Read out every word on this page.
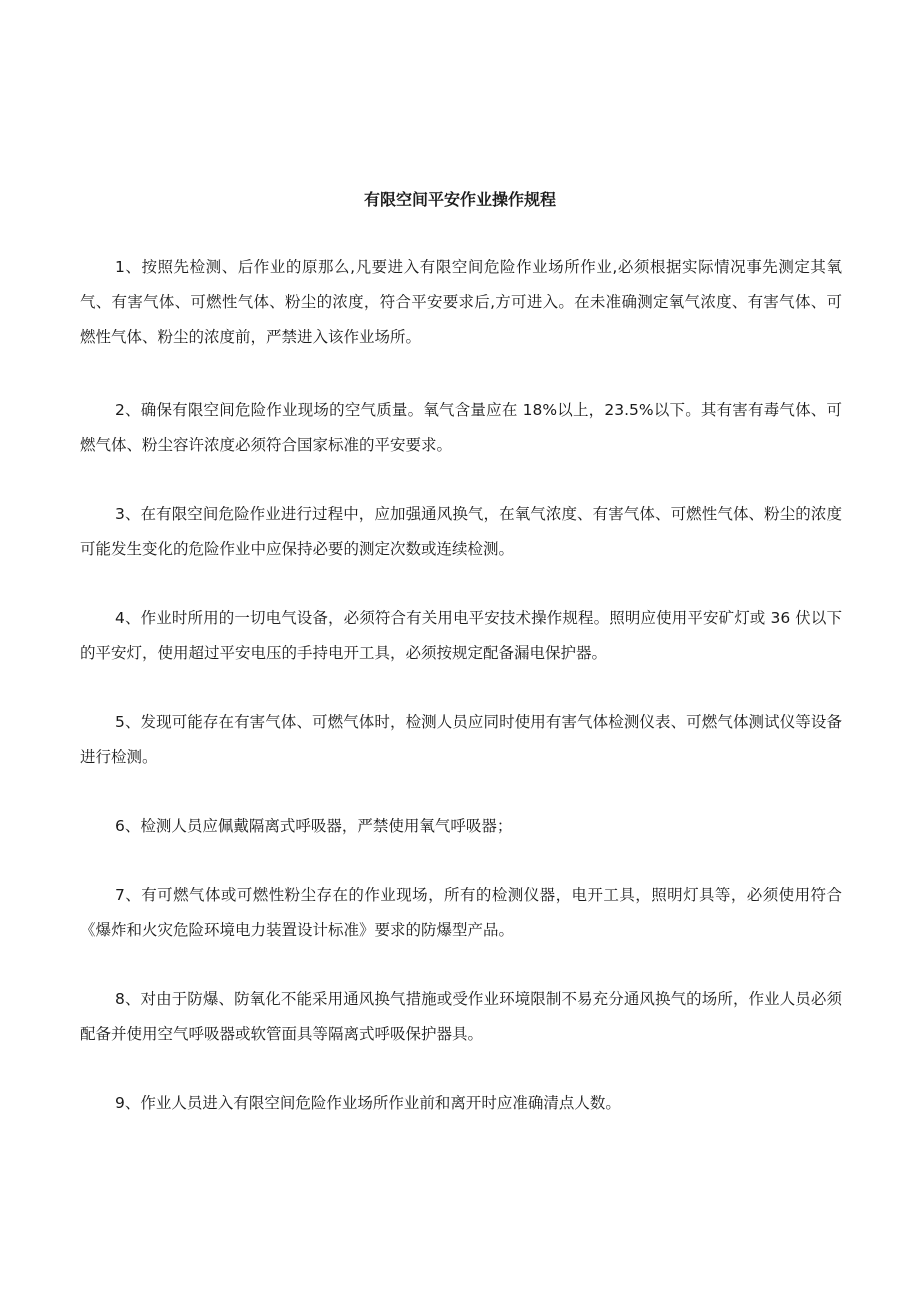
有限空间平安作业操作规程

1、按照先检测、后作业的原那么,凡要进入有限空间危险作业场所作业,必须根据实际情况事先测定其氧气、有害气体、可燃性气体、粉尘的浓度，符合平安要求后,方可进入。在未准确测定氧气浓度、有害气体、可燃性气体、粉尘的浓度前，严禁进入该作业场所。

2、确保有限空间危险作业现场的空气质量。氧气含量应在 18%以上，23.5%以下。其有害有毒气体、可燃气体、粉尘容许浓度必须符合国家标准的平安要求。

3、在有限空间危险作业进行过程中，应加强通风换气，在氧气浓度、有害气体、可燃性气体、粉尘的浓度可能发生变化的危险作业中应保持必要的测定次数或连续检测。

4、作业时所用的一切电气设备，必须符合有关用电平安技术操作规程。照明应使用平安矿灯或 36 伏以下的平安灯，使用超过平安电压的手持电开工具，必须按规定配备漏电保护器。

5、发现可能存在有害气体、可燃气体时，检测人员应同时使用有害气体检测仪表、可燃气体测试仪等设备进行检测。

6、检测人员应佩戴隔离式呼吸器，严禁使用氧气呼吸器；

7、有可燃气体或可燃性粉尘存在的作业现场，所有的检测仪器，电开工具，照明灯具等，必须使用符合《爆炸和火灾危险环境电力装置设计标准》要求的防爆型产品。

8、对由于防爆、防氧化不能采用通风换气措施或受作业环境限制不易充分通风换气的场所，作业人员必须配备并使用空气呼吸器或软管面具等隔离式呼吸保护器具。

9、作业人员进入有限空间危险作业场所作业前和离开时应准确清点人数。
